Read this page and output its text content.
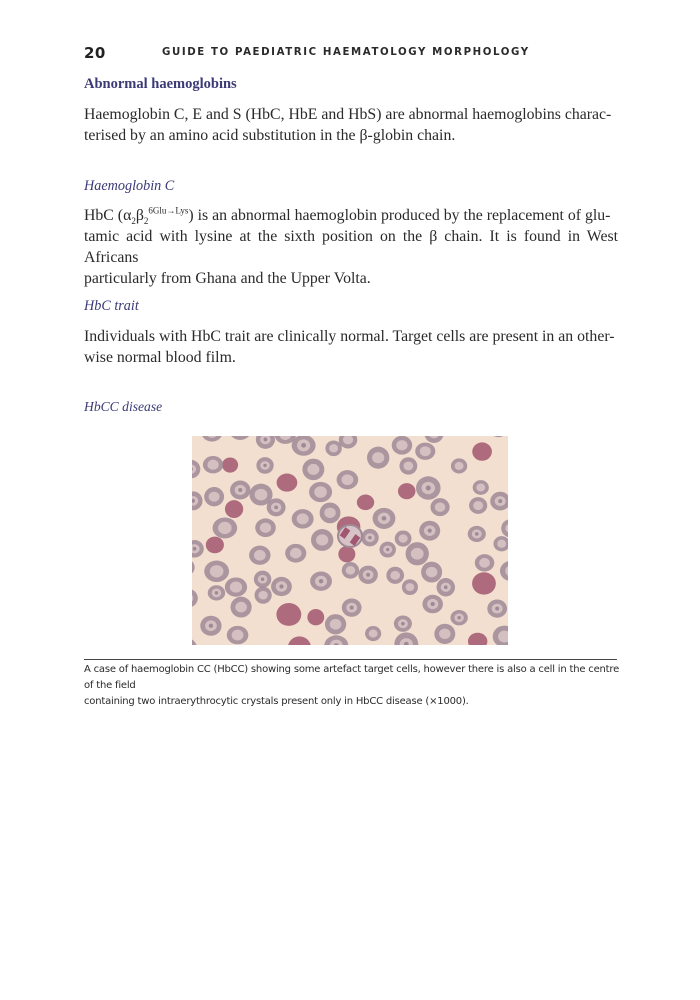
20	GUIDE TO PAEDIATRIC HAEMATOLOGY MORPHOLOGY
Abnormal haemoglobins
Haemoglobin C, E and S (HbC, HbE and HbS) are abnormal haemoglobins charac-
terised by an amino acid substitution in the β-globin chain.
Haemoglobin C
HbC $(\alpha_2\beta_2^{6Glu\to Lys})$ is an abnormal haemoglobin produced by the replacement of glu-
tamic acid with lysine at the sixth position on the β chain. It is found in West Africans
particularly from Ghana and the Upper Volta.
HbC trait
Individuals with HbC trait are clinically normal. Target cells are present in an other-
wise normal blood film.
HbCC disease
A case of haemoglobin CC (HbCC) showing some artefact target cells, however there is also a cell in the centre of the field
containing two intraerythrocytic crystals present only in HbCC disease (×1000).
